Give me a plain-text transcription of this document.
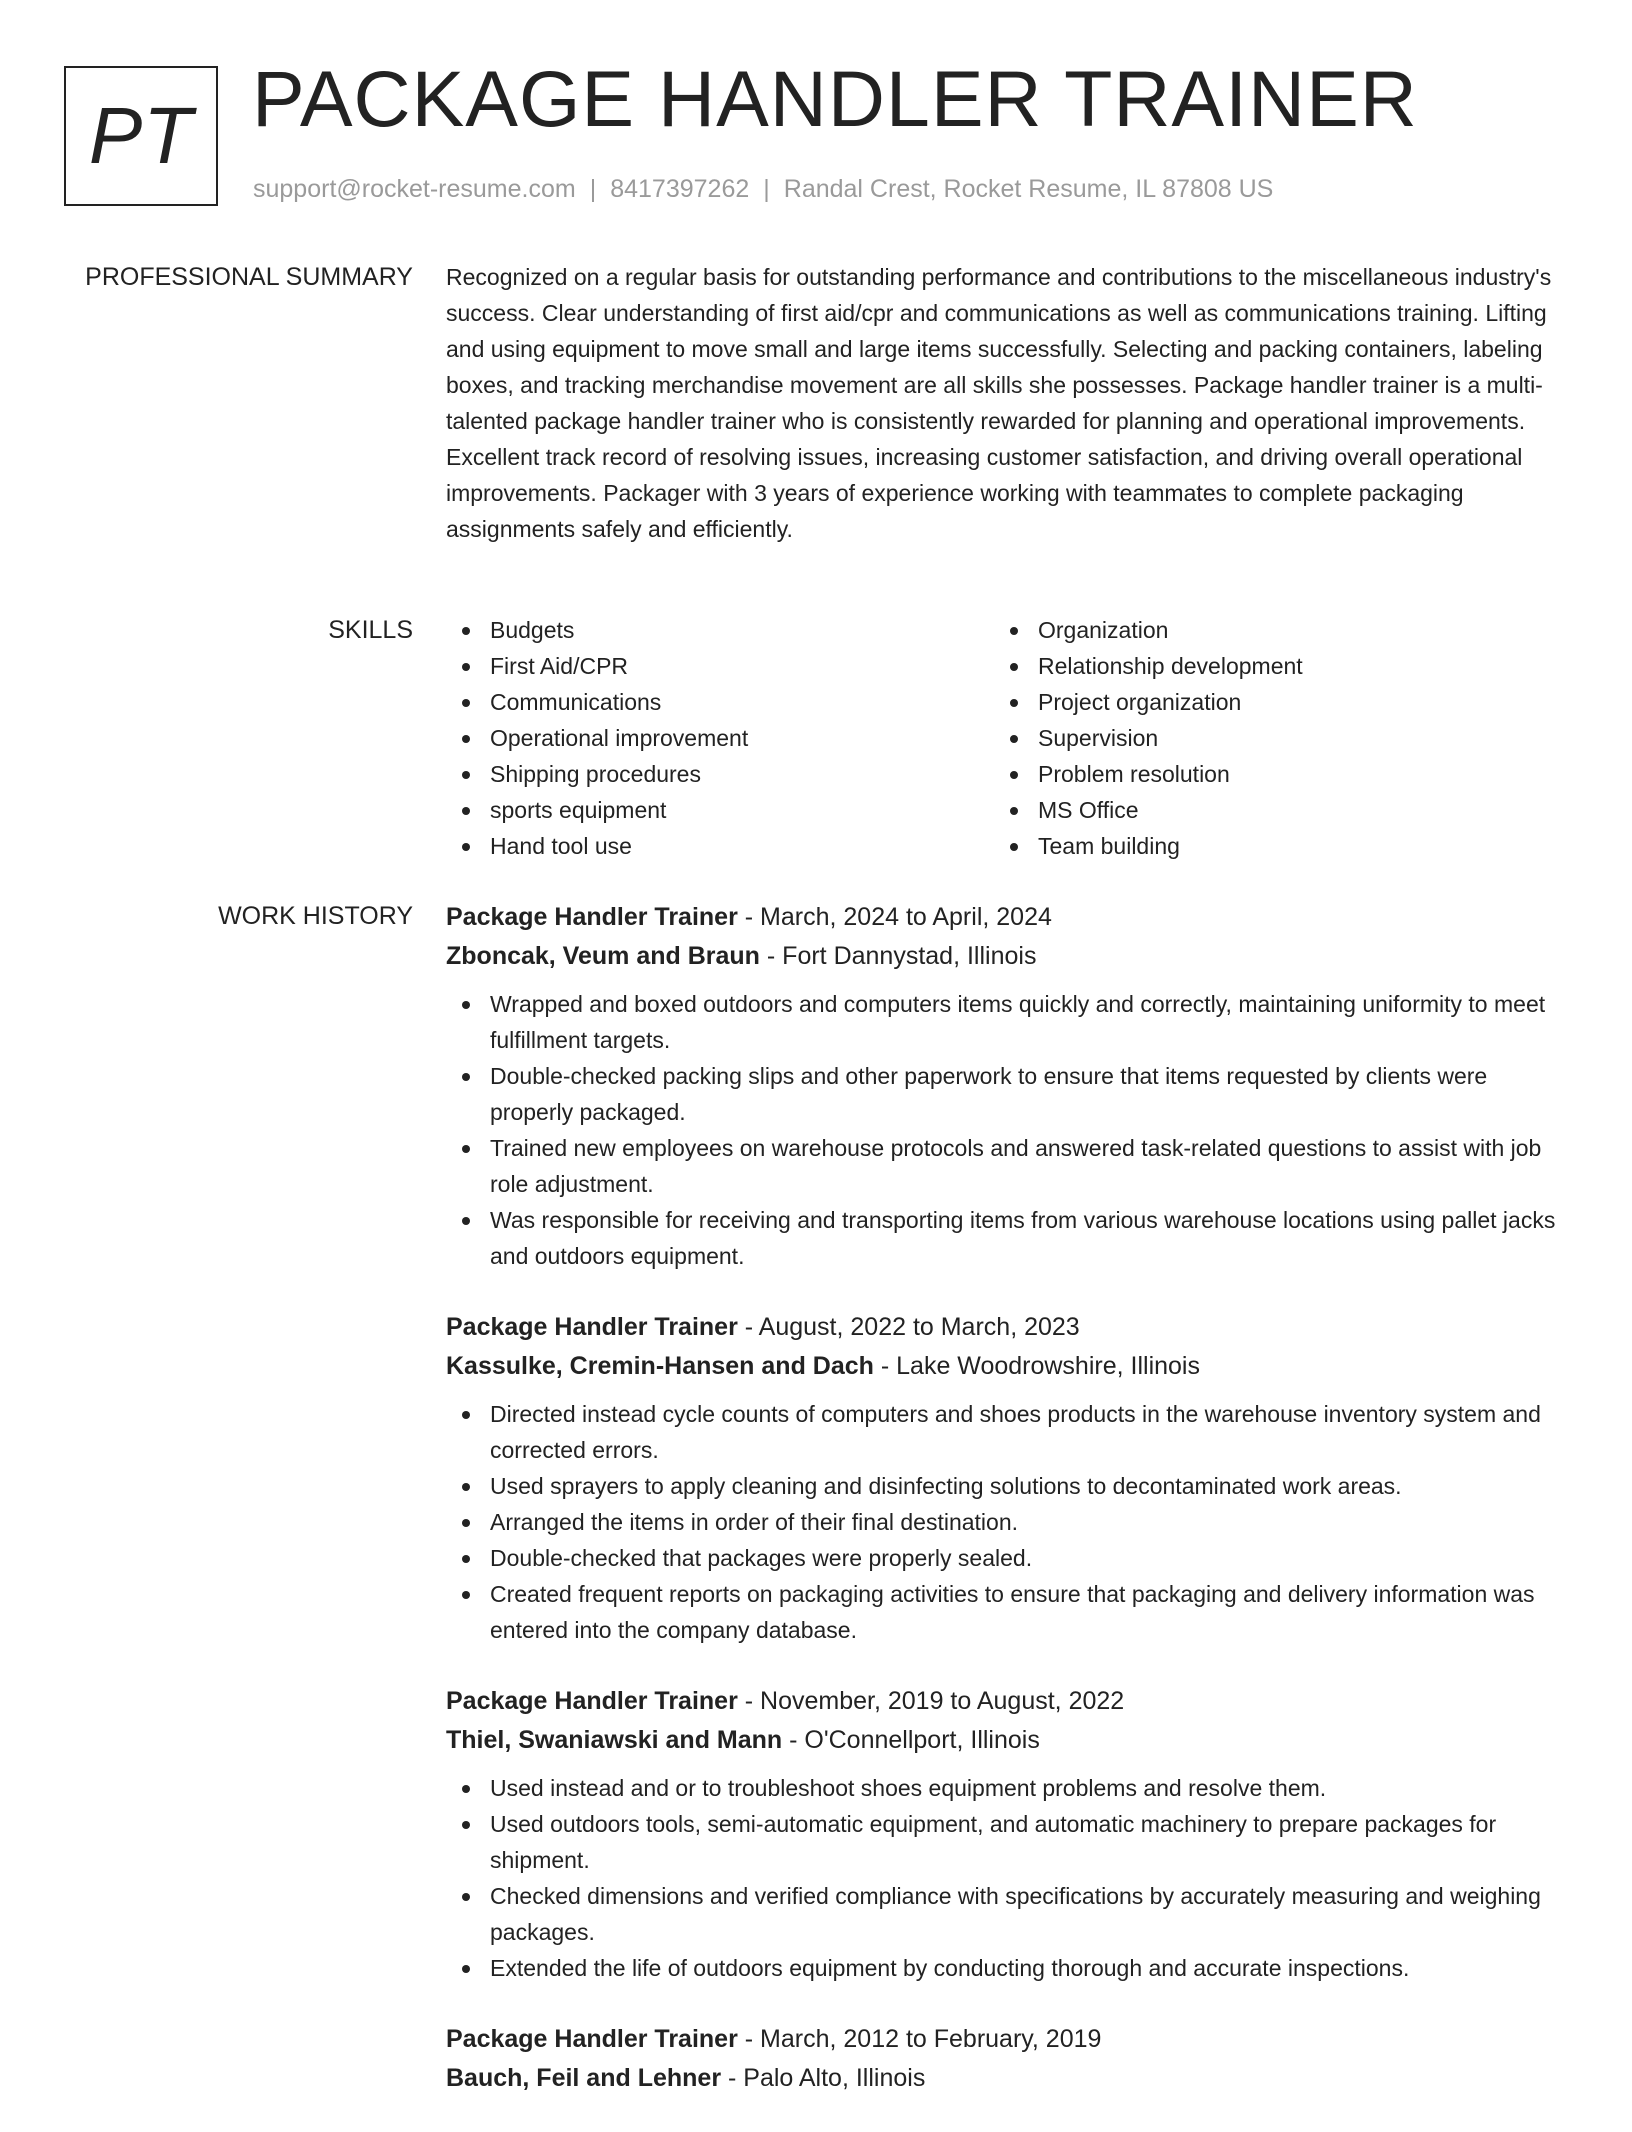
PT PACKAGE HANDLER TRAINER
support@rocket-resume.com | 8417397262 | Randal Crest, Rocket Resume, IL 87808 US
PROFESSIONAL SUMMARY Recognized on a regular basis for outstanding performance and contributions to the miscellaneous industry's success. Clear understanding of first aid/cpr and communications as well as communications training. Lifting and using equipment to move small and large items successfully. Selecting and packing containers, labeling boxes, and tracking merchandise movement are all skills she possesses. Package handler trainer is a multi-talented package handler trainer who is consistently rewarded for planning and operational improvements. Excellent track record of resolving issues, increasing customer satisfaction, and driving overall operational improvements. Packager with 3 years of experience working with teammates to complete packaging assignments safely and efficiently.
SKILLS	Budgets
First Aid/CPR
Communications
Operational improvement
Shipping procedures
sports equipment
Hand tool use
Organization
Relationship development
Project organization
Supervision
Problem resolution
MS Office
Team building
WORK HISTORY Package Handler Trainer - March, 2024 to April, 2024
Zboncak, Veum and Braun - Fort Dannystad, Illinois
Wrapped and boxed outdoors and computers items quickly and correctly, maintaining uniformity to meet fulfillment targets.
Double-checked packing slips and other paperwork to ensure that items requested by clients were properly packaged.
Trained new employees on warehouse protocols and answered task-related questions to assist with job role adjustment.
Was responsible for receiving and transporting items from various warehouse locations using pallet jacks and outdoors equipment.
Package Handler Trainer - August, 2022 to March, 2023
Kassulke, Cremin-Hansen and Dach - Lake Woodrowshire, Illinois
Directed instead cycle counts of computers and shoes products in the warehouse inventory system and corrected errors.
Used sprayers to apply cleaning and disinfecting solutions to decontaminated work areas.
Arranged the items in order of their final destination.
Double-checked that packages were properly sealed.
Created frequent reports on packaging activities to ensure that packaging and delivery information was entered into the company database.
Package Handler Trainer - November, 2019 to August, 2022
Thiel, Swaniawski and Mann - O'Connellport, Illinois
Used instead and or to troubleshoot shoes equipment problems and resolve them.
Used outdoors tools, semi-automatic equipment, and automatic machinery to prepare packages for shipment.
Checked dimensions and verified compliance with specifications by accurately measuring and weighing packages.
Extended the life of outdoors equipment by conducting thorough and accurate inspections.
Package Handler Trainer - March, 2012 to February, 2019
Bauch, Feil and Lehner - Palo Alto, Illinois
